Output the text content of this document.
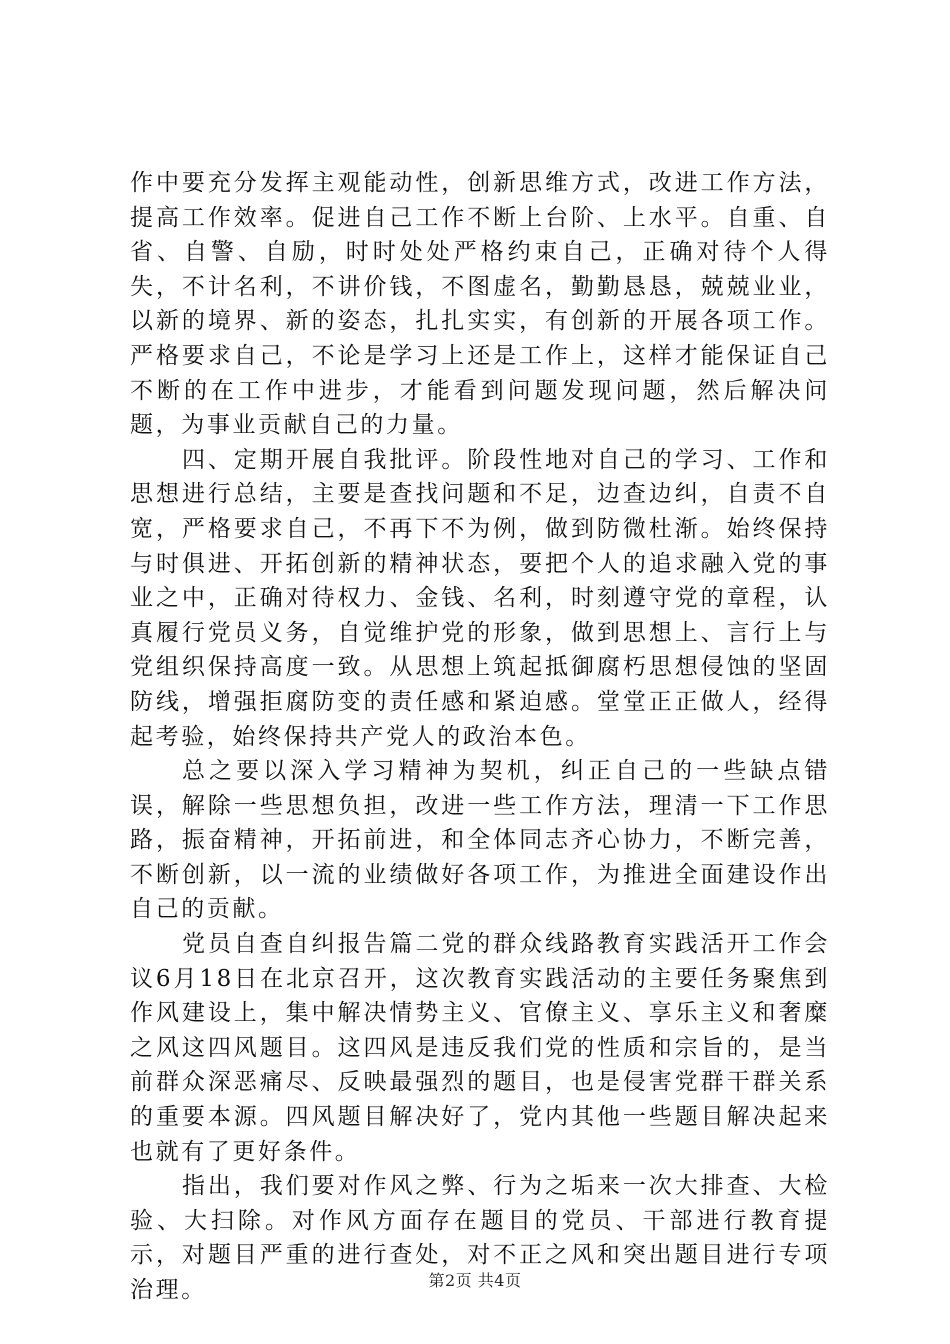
作中要充分发挥主观能动性，创新思维方式，改进工作方法，提高工作效率。促进自己工作不断上台阶、上水平。自重、自省、自警、自励，时时处处严格约束自己，正确对待个人得失，不计名利，不讲价钱，不图虚名，勤勤恳恳，兢兢业业，以新的境界、新的姿态，扎扎实实，有创新的开展各项工作。严格要求自己，不论是学习上还是工作上，这样才能保证自己不断的在工作中进步，才能看到问题发现问题，然后解决问题，为事业贡献自己的力量。

四、定期开展自我批评。阶段性地对自己的学习、工作和思想进行总结，主要是查找问题和不足，边查边纠，自责不自宽，严格要求自己，不再下不为例，做到防微杜渐。始终保持与时俱进、开拓创新的精神状态，要把个人的追求融入党的事业之中，正确对待权力、金钱、名利，时刻遵守党的章程，认真履行党员义务，自觉维护党的形象，做到思想上、言行上与党组织保持高度一致。从思想上筑起抵御腐朽思想侵蚀的坚固防线，增强拒腐防变的责任感和紧迫感。堂堂正正做人，经得起考验，始终保持共产党人的政治本色。

总之要以深入学习精神为契机，纠正自己的一些缺点错误，解除一些思想负担，改进一些工作方法，理清一下工作思路，振奋精神，开拓前进，和全体同志齐心协力，不断完善，不断创新，以一流的业绩做好各项工作，为推进全面建设作出自己的贡献。

党员自查自纠报告篇二党的群众线路教育实践活开工作会议6月18日在北京召开，这次教育实践活动的主要任务聚焦到作风建设上，集中解决情势主义、官僚主义、享乐主义和奢糜之风这四风题目。这四风是违反我们党的性质和宗旨的，是当前群众深恶痛尽、反映最强烈的题目，也是侵害党群干群关系的重要本源。四风题目解决好了，党内其他一些题目解决起来也就有了更好条件。

指出，我们要对作风之弊、行为之垢来一次大排查、大检验、大扫除。对作风方面存在题目的党员、干部进行教育提示，对题目严重的进行查处，对不正之风和突出题目进行专项治理。	第2页 共4页
